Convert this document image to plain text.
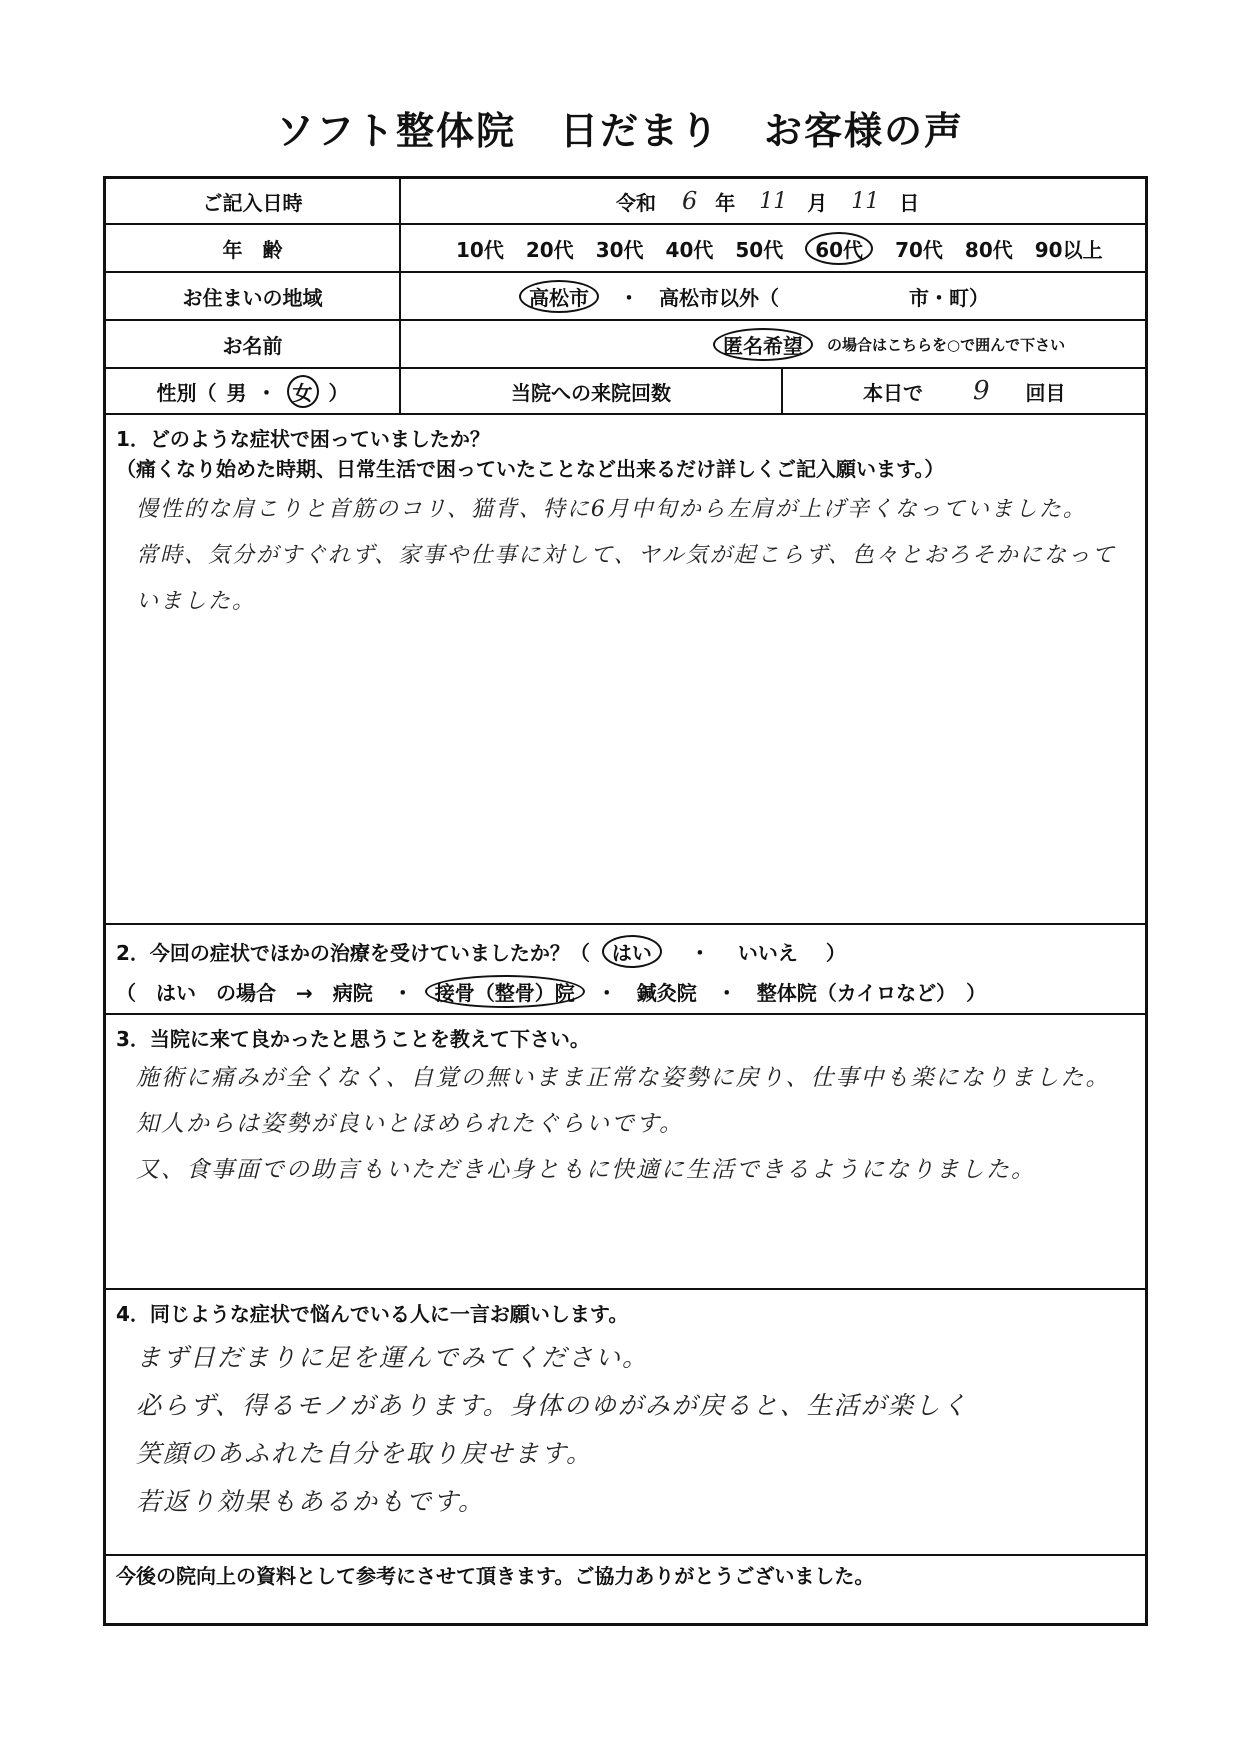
ソフト整体院 日だまり お客様の声
ご記入日時	令和 6 年 11 月 11 日
年　齢	10代 20代 30代 40代 50代	60代	70代 80代 90以上
お住まいの地域	高松市	・ 高松市以外（	市・町）
お名前	匿名希望	の場合はこちらを○で囲んで下さい
性別（ 男 ・ 女 ）	当院への来院回数	本日で 9 回目
1．どのような症状で困っていましたか？
（痛くなり始めた時期、日常生活で困っていたことなど出来るだけ詳しくご記入願います。）
慢性的な肩こりと首筋のコリ、猫背、特に6月中旬から左肩が上げ辛くなっていました。
常時、気分がすぐれず、家事や仕事に対して、ヤル気が起こらず、色々とおろそかになって
いました。
2．今回の症状でほかの治療を受けていましたか？（	はい	・ いいえ ）
（　はい　の場合　→　病院　・	接骨（整骨）院	・　鍼灸院　・　整体院（カイロなど）　）
3．当院に来て良かったと思うことを教えて下さい。
施術に痛みが全くなく、自覚の無いまま正常な姿勢に戻り、仕事中も楽になりました。
知人からは姿勢が良いとほめられたぐらいです。
又、食事面での助言もいただき心身ともに快適に生活できるようになりました。
4．同じような症状で悩んでいる人に一言お願いします。
まず日だまりに足を運んでみてください。
必らず、得るモノがあります。身体のゆがみが戻ると、生活が楽しく
笑顔のあふれた自分を取り戻せます。
若返り効果もあるかもです。
今後の院向上の資料として参考にさせて頂きます。ご協力ありがとうございました。
